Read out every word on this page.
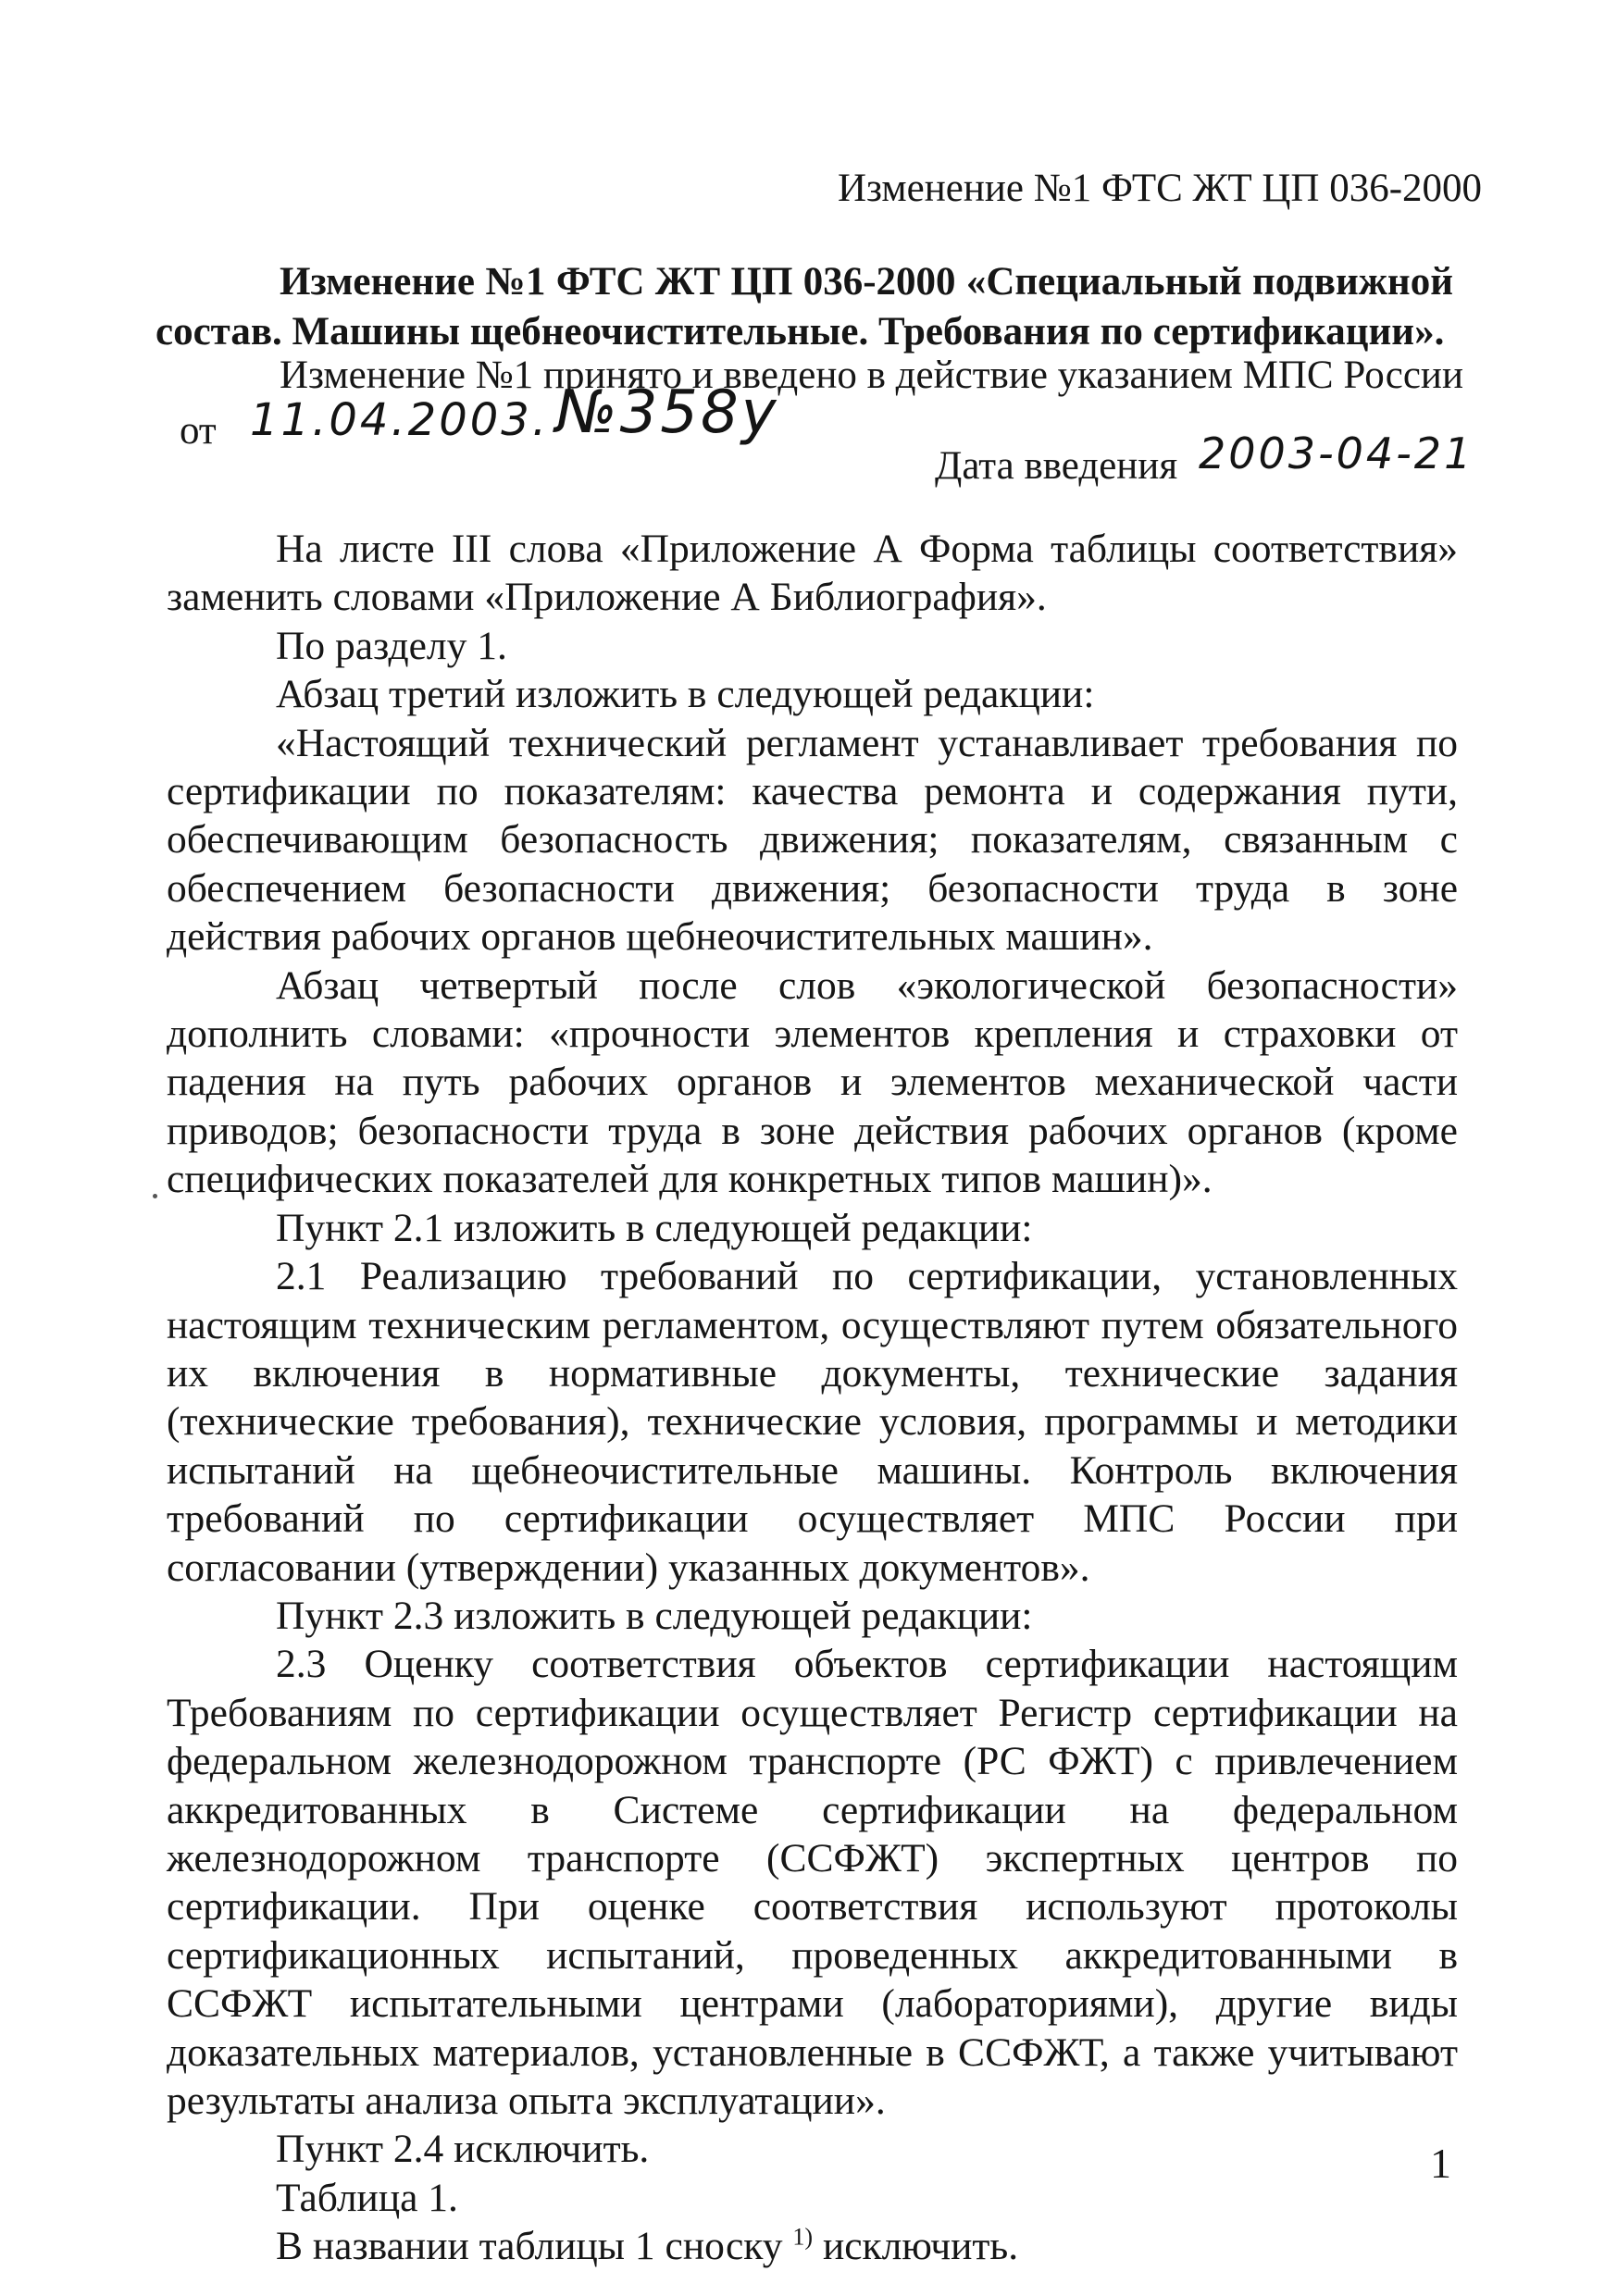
Изменение №1 ФТС ЖТ ЦП 036-2000
Изменение №1 ФТС ЖТ ЦП 036-2000 «Специальный подвижной
состав. Машины щебнеочистительные. Требования по сертификации».
Изменение №1 принято и введено в действие указанием МПС России
от 11.04.2003. №358у
Дата введения 2003-04-21

На листе III слова «Приложение А Форма таблицы соответствия» заменить словами «Приложение А Библиография».

По разделу 1.

Абзац третий изложить в следующей редакции:

«Настоящий технический регламент устанавливает требования по сертификации по показателям: качества ремонта и содержания пути, обеспечивающим безопасность движения; показателям, связанным с обеспечением безопасности движения; безопасности труда в зоне действия рабочих органов щебнеочистительных машин».

Абзац четвертый после слов «экологической безопасности» дополнить словами: «прочности элементов крепления и страховки от падения на путь рабочих органов и элементов механической части приводов; безопасности труда в зоне действия рабочих органов (кроме специфических показателей для конкретных типов машин)».

Пункт 2.1 изложить в следующей редакции:

2.1 Реализацию требований по сертификации, установленных настоящим техническим регламентом, осуществляют путем обязательного их включения в нормативные документы, технические задания (технические требования), технические условия, программы и методики испытаний на щебнеочистительные машины. Контроль включения требований по сертификации осуществляет МПС России при согласовании (утверждении) указанных документов».

Пункт 2.3 изложить в следующей редакции:

2.3 Оценку соответствия объектов сертификации настоящим Требованиям по сертификации осуществляет Регистр сертификации на федеральном железнодорожном транспорте (РС ФЖТ) с привлечением аккредитованных в Системе сертификации на федеральном железнодорожном транспорте (ССФЖТ) экспертных центров по сертификации. При оценке соответствия используют протоколы сертификационных испытаний, проведенных аккредитованными в ССФЖТ испытательными центрами (лабораториями), другие виды доказательных материалов, установленные в ССФЖТ, а также учитывают результаты анализа опыта эксплуатации».

Пункт 2.4 исключить.

Таблица 1.

В названии таблицы 1 сноску $^{1)}$ исключить.

1
